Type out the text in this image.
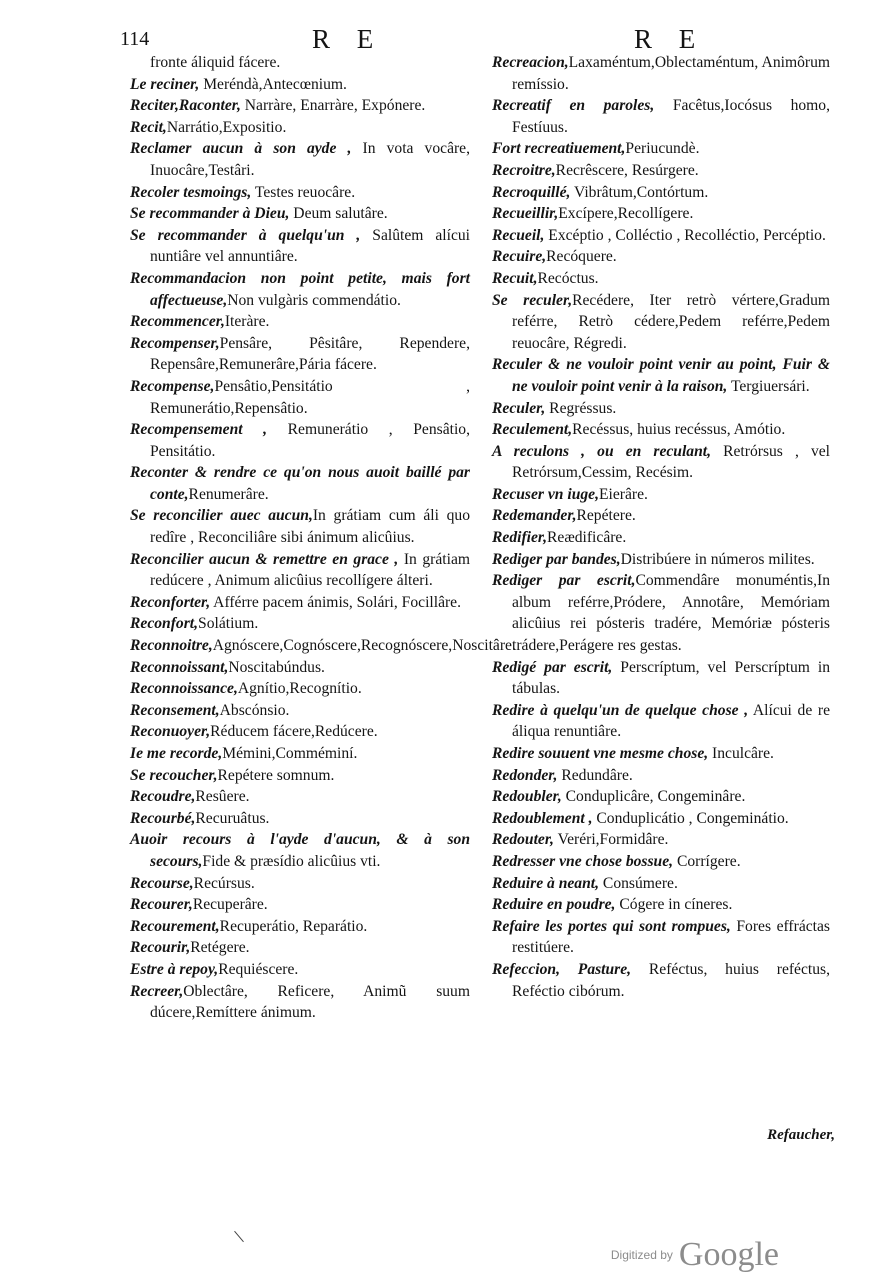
114	R E	R E

fronte áliquid fácere.

Le reciner, Meréndà,Antecœnium.

Reciter,Raconter, Narràre, Enarràre, Expónere.

Recit,Narrátio,Expositio.

Reclamer aucun à son ayde , In vota vocâre, Inuocâre,Testâri.

Recoler tesmoings, Testes reuocâre.

Se recommander à Dieu, Deum salutâre.

Se recommander à quelqu'un , Salûtem alícui nuntiâre vel annuntiâre.

Recommandacion non point petite, mais fort affectueuse,Non vulgàris commendátio.

Recommencer,Iteràre.

Recompenser,Pensâre, Pêsitâre, Rependere, Repensâre,Remunerâre,Pária fácere.

Recompense,Pensâtio,Pensitátio , Remunerátio,Repensâtio.

Recompensement , Remunerátio , Pensâtio, Pensitátio.

Reconter & rendre ce qu'on nous auoit baillé par conte,Renumerâre.

Se reconcilier auec aucun,In grátiam cum áli quo redîre , Reconciliâre sibi ánimum alicûius.

Reconcilier aucun & remettre en grace , In grátiam redúcere , Animum alicûius recollígere álteri.

Reconforter, Afférre pacem ánimis, Solári, Focillâre.

Reconfort,Solátium.

Reconnoitre,Agnóscere,Cognóscere,Recognóscere,Noscitâre.

Reconnoissant,Noscitabúndus.

Reconnoissance,Agnítio,Recognítio.

Reconsement,Abscónsio.

Reconuoyer,Réducem fácere,Redúcere.

Ie me recorde,Mémini,Comméminí.

Se recoucher,Repétere somnum.

Recoudre,Resûere.

Recourbé,Recuruâtus.

Auoir recours à l'ayde d'aucun, & à son secours,Fide & præsídio alicûius vti.

Recourse,Recúrsus.

Recourer,Recuperâre.

Recourement,Recuperátio, Reparátio.

Recourir,Retégere.

Estre à repoy,Requiéscere.

Recreer,Oblectâre, Reficere, Animũ suum dúcere,Remíttere ánimum.

Recreacion,Laxaméntum,Oblectaméntum, Animôrum remíssio.

Recreatif en paroles, Facêtus,Iocósus homo, Festíuus.

Fort recreatiuement,Periucundè.

Recroitre,Recrêscere, Resúrgere.

Recroquillé, Vibrâtum,Contórtum.

Recueillir,Excípere,Recollígere.

Recueil, Excéptio , Colléctio , Recolléctio, Percéptio.

Recuire,Recóquere.

Recuit,Recóctus.

Se reculer,Recédere, Iter retrò vértere,Gradum reférre, Retrò cédere,Pedem reférre,Pedem reuocâre, Régredi.

Reculer & ne vouloir point venir au point, Fuir & ne vouloir point venir à la raison, Tergiuersári.

Reculer, Regréssus.

Reculement,Recéssus, huius recéssus, Amótio.

A reculons , ou en reculant, Retrórsus , vel Retrórsum,Cessim, Recésim.

Recuser vn iuge,Eierâre.

Redemander,Repétere.

Redifier,Reædificâre.

Rediger par bandes,Distribúere in números milites.

Rediger par escrit,Commendâre monuméntis,In album reférre,Pródere, Annotâre, Memóriam alicûius rei pósteris tradére, Memóriæ pósteris trádere,Perágere res gestas.

Redigé par escrit, Perscríptum, vel Perscríptum in tábulas.

Redire à quelqu'un de quelque chose , Alícui de re áliqua renuntiâre.

Redire souuent vne mesme chose, Inculcâre.

Redonder, Redundâre.

Redoubler, Conduplicâre, Congeminâre.

Redoublement , Conduplicátio , Congeminátio.

Redouter, Veréri,Formidâre.

Redresser vne chose bossue, Corrígere.

Reduire à neant, Consúmere.

Reduire en poudre, Cógere in cíneres.

Refaire les portes qui sont rompues, Fores effráctas restitúere.

Refeccion, Pasture, Reféctus, huius reféctus, Reféctio cibórum.

Refaucher,
Digitized by Google
